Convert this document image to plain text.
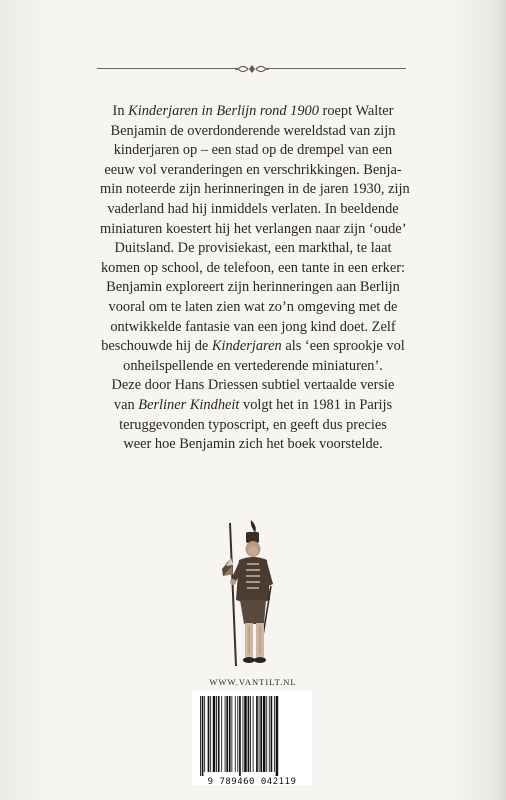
In Kinderjaren in Berlijn rond 1900 roept Walter
Benjamin de overdonderende wereldstad van zijn
kinderjaren op – een stad op de drempel van een
eeuw vol veranderingen en verschrikkingen. Benja-
min noteerde zijn herinneringen in de jaren 1930, zijn
vaderland had hij inmiddels verlaten. In beeldende
miniaturen koestert hij het verlangen naar zijn ‘oude’
Duitsland. De provisiekast, een markthal, te laat
komen op school, de telefoon, een tante in een erker:
Benjamin exploreert zijn herinneringen aan Berlijn
vooral om te laten zien wat zo’n omgeving met de
ontwikkelde fantasie van een jong kind doet. Zelf
beschouwde hij de Kinderjaren als ‘een sprookje vol
onheilspellende en vertederende miniaturen’.
Deze door Hans Driessen subtiel vertaalde versie
van Berliner Kindheit volgt het in 1981 in Parijs
teruggevonden typoscript, en geeft dus precies
weer hoe Benjamin zich het boek voorstelde.
WWW.VANTILT.NL
9 789460 042119
